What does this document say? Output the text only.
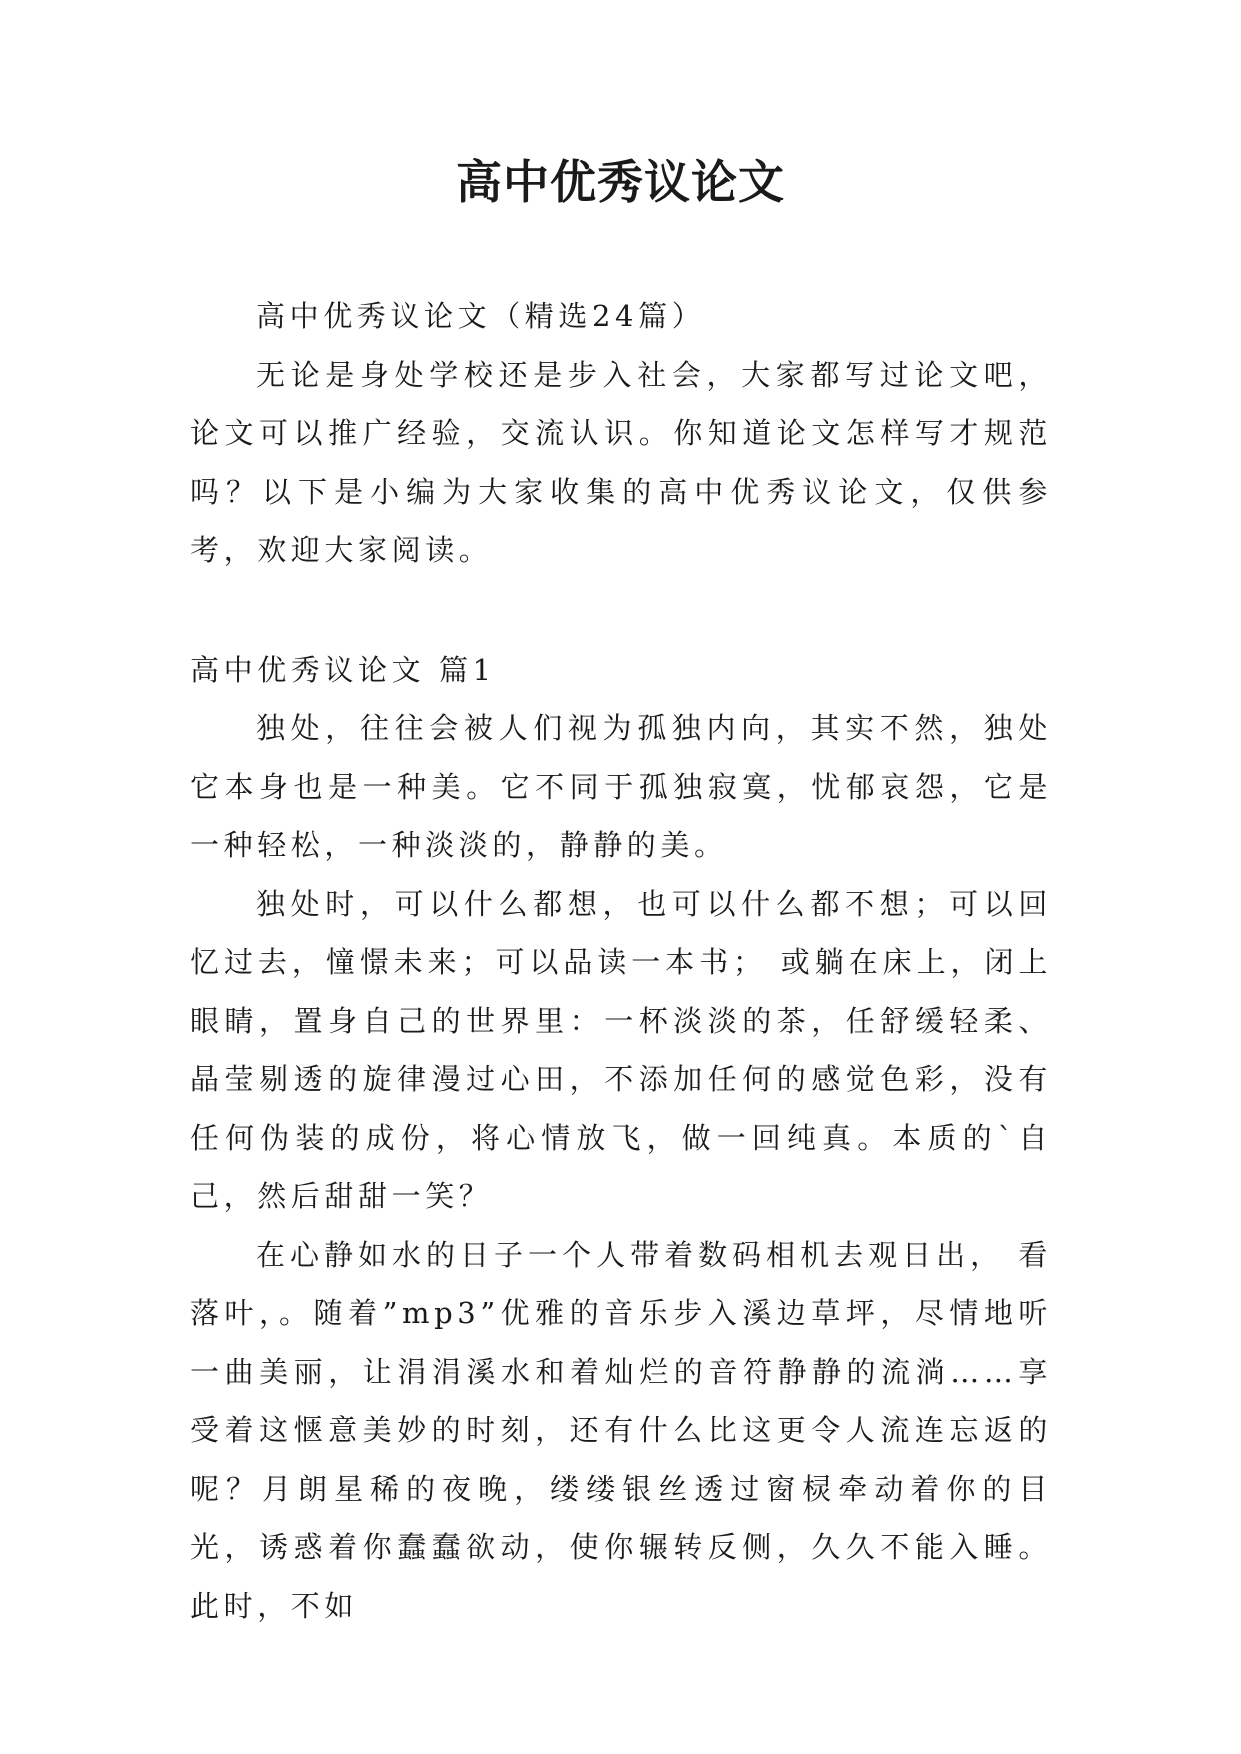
高中优秀议论文

高中优秀议论文（精选24篇）

无论是身处学校还是步入社会，大家都写过论文吧，论文可以推广经验，交流认识。你知道论文怎样写才规范吗？以下是小编为大家收集的高中优秀议论文，仅供参考，欢迎大家阅读。

高中优秀议论文 篇1

独处，往往会被人们视为孤独内向，其实不然，独处它本身也是一种美。它不同于孤独寂寞，忧郁哀怨，它是一种轻松，一种淡淡的，静静的美。

独处时，可以什么都想，也可以什么都不想；可以回忆过去，憧憬未来；可以品读一本书； 或躺在床上，闭上眼睛，置身自己的世界里：一杯淡淡的茶，任舒缓轻柔、晶莹剔透的旋律漫过心田，不添加任何的感觉色彩，没有任何伪装的成份，将心情放飞，做一回纯真。本质的`自己，然后甜甜一笑？

在心静如水的日子一个人带着数码相机去观日出， 看落叶，。随着”mp3”优雅的音乐步入溪边草坪，尽情地听一曲美丽，让涓涓溪水和着灿烂的音符静静的流淌……享受着这惬意美妙的时刻，还有什么比这更令人流连忘返的呢？月朗星稀的夜晚，缕缕银丝透过窗棂牵动着你的目光，诱惑着你蠢蠢欲动，使你辗转反侧，久久不能入睡。此时，不如
